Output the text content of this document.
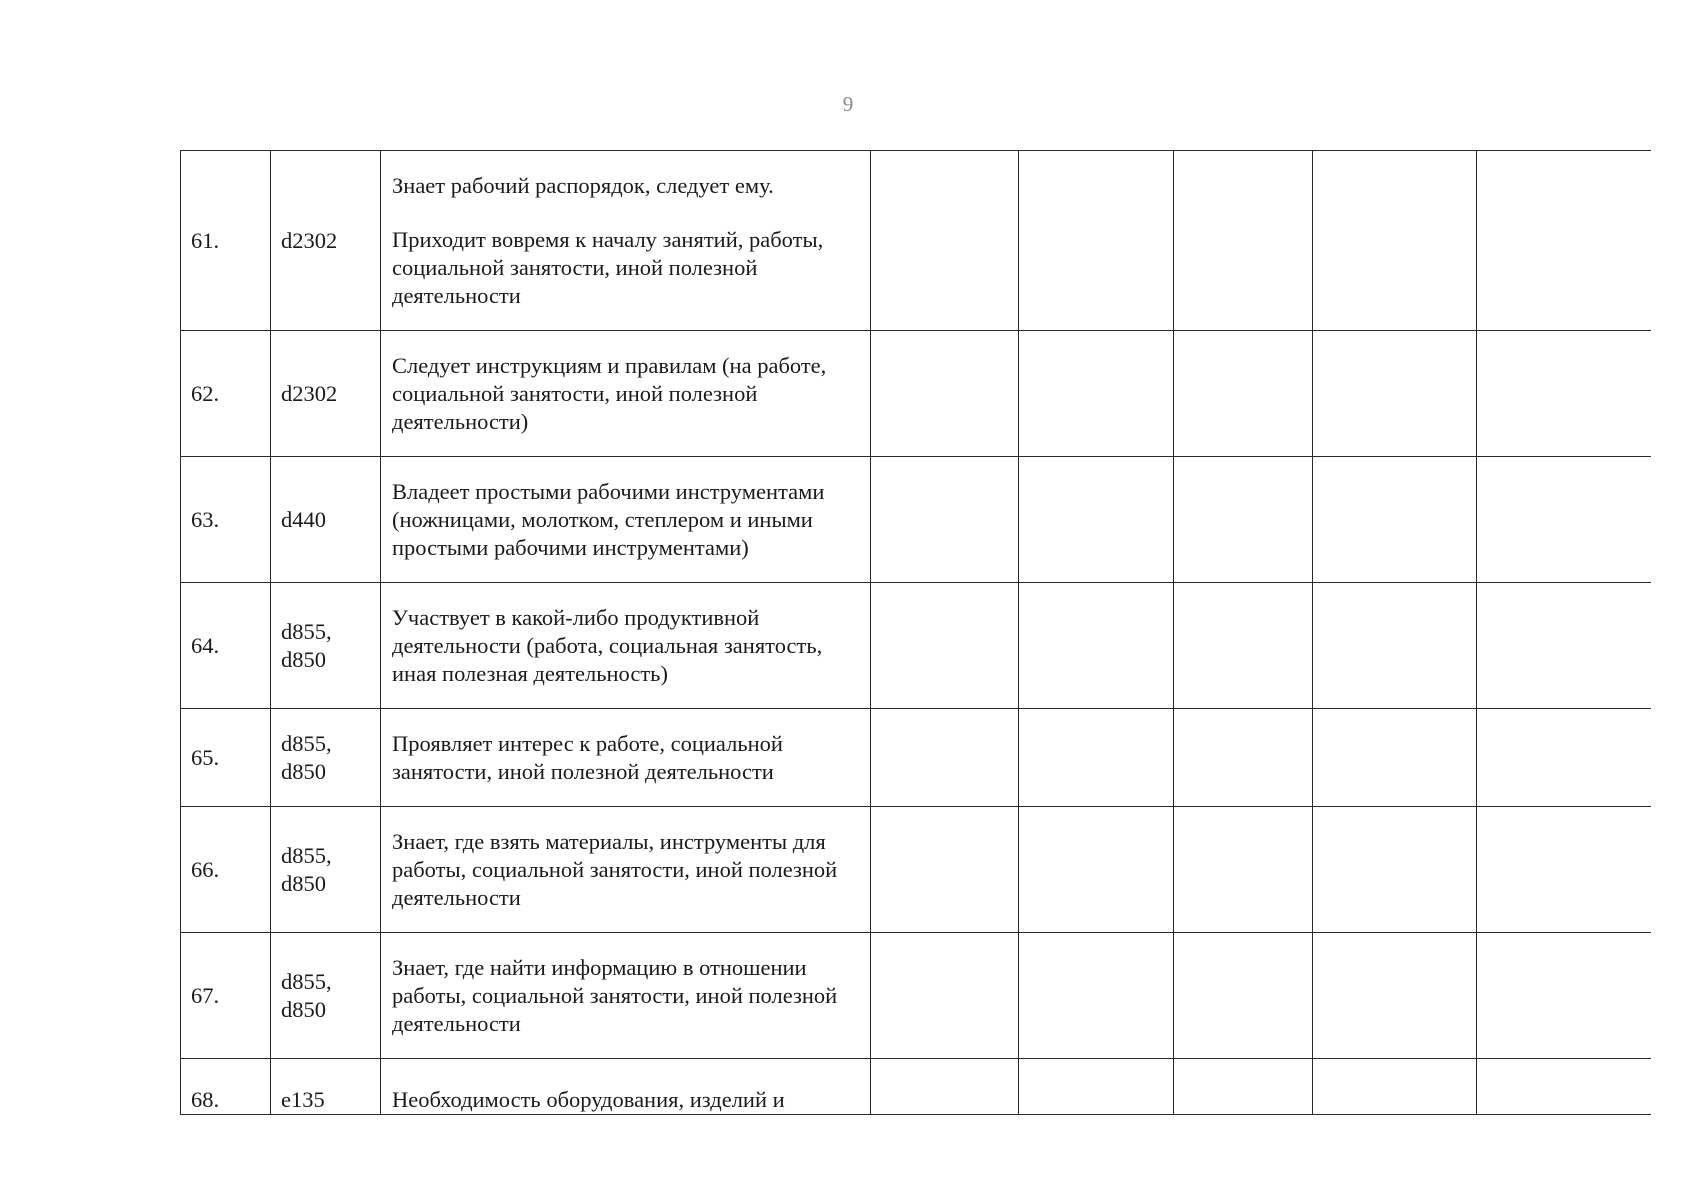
9
61.	d2302	Знает рабочий распорядок, следует ему.
Приходит вовремя к началу занятий, работы, социальной занятости, иной полезной деятельности					

62.	d2302	Следует инструкциям и правилам (на работе, социальной занятости, иной полезной деятельности)					

63.	d440	Владеет простыми рабочими инструментами (ножницами, молотком, степлером и иными простыми рабочими инструментами)					

64.	d855,
d850	Участвует в какой-либо продуктивной деятельности (работа, социальная занятость, иная полезная деятельность)					

65.	d855,
d850	Проявляет интерес к работе, социальной занятости, иной полезной деятельности					

66.	d855,
d850	Знает, где взять материалы, инструменты для работы, социальной занятости, иной полезной деятельности					

67.	d855,
d850	Знает, где найти информацию в отношении работы, социальной занятости, иной полезной деятельности					

68.	e135	Необходимость оборудования, изделий и					
